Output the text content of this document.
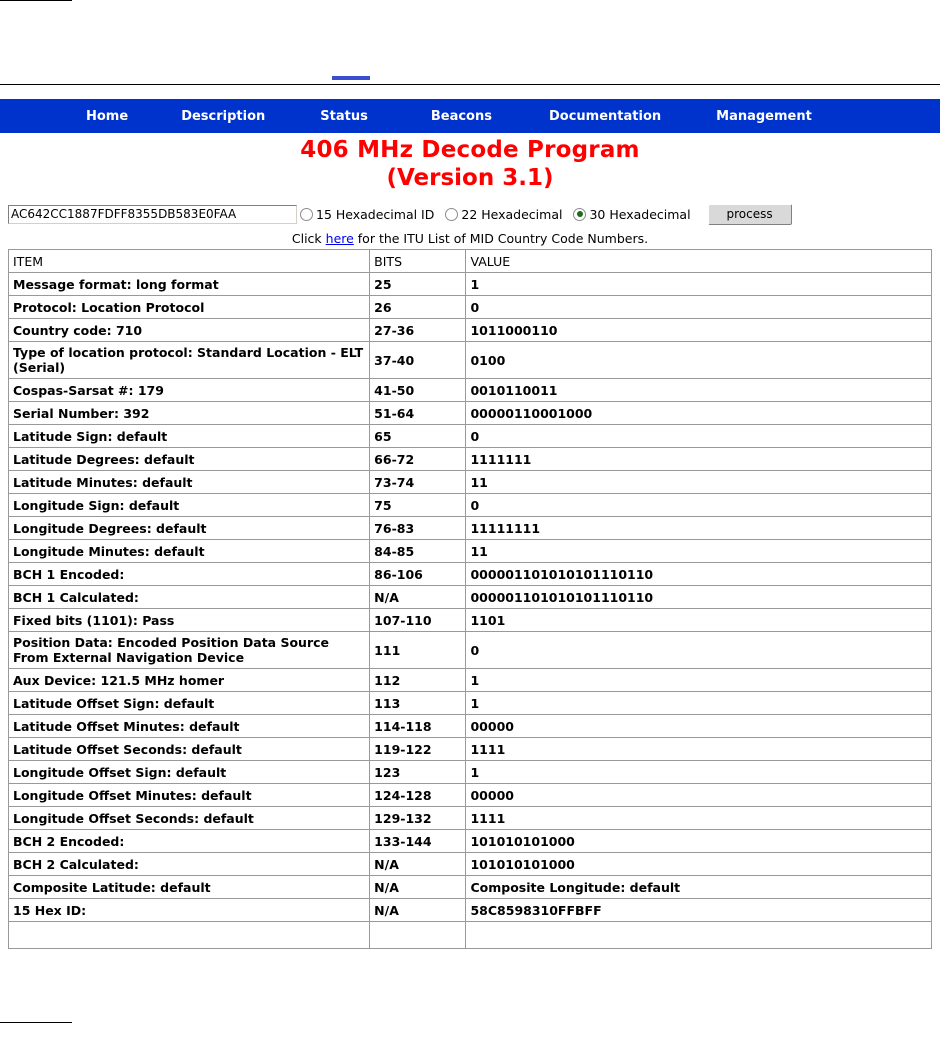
Home	Description	Status	Beacons	Documentation	Management
406 MHz Decode Program
(Version 3.1)
AC642CC1887FDFF8355DB583E0FAA
15 Hexadecimal ID 22 Hexadecimal 30 Hexadecimal	process
Click here for the ITU List of MID Country Code Numbers.
ITEM	BITS	VALUE
Message format: long format	25	1
Protocol: Location Protocol	26	0
Country code: 710	27-36	1011000110
Type of location protocol: Standard Location - ELT (Serial)	37-40	0100
Cospas-Sarsat #: 179	41-50	0010110011
Serial Number: 392	51-64	00000110001000
Latitude Sign: default	65	0
Latitude Degrees: default	66-72	1111111
Latitude Minutes: default	73-74	11
Longitude Sign: default	75	0
Longitude Degrees: default	76-83	11111111
Longitude Minutes: default	84-85	11
BCH 1 Encoded:	86-106	000001101010101110110
BCH 1 Calculated:	N/A	000001101010101110110
Fixed bits (1101): Pass	107-110	1101
Position Data: Encoded Position Data Source From External Navigation Device	111	0
Aux Device: 121.5 MHz homer	112	1
Latitude Offset Sign: default	113	1
Latitude Offset Minutes: default	114-118	00000
Latitude Offset Seconds: default	119-122	1111
Longitude Offset Sign: default	123	1
Longitude Offset Minutes: default	124-128	00000
Longitude Offset Seconds: default	129-132	1111
BCH 2 Encoded:	133-144	101010101000
BCH 2 Calculated:	N/A	101010101000
Composite Latitude: default	N/A	Composite Longitude: default
15 Hex ID:	N/A	58C8598310FFBFF
